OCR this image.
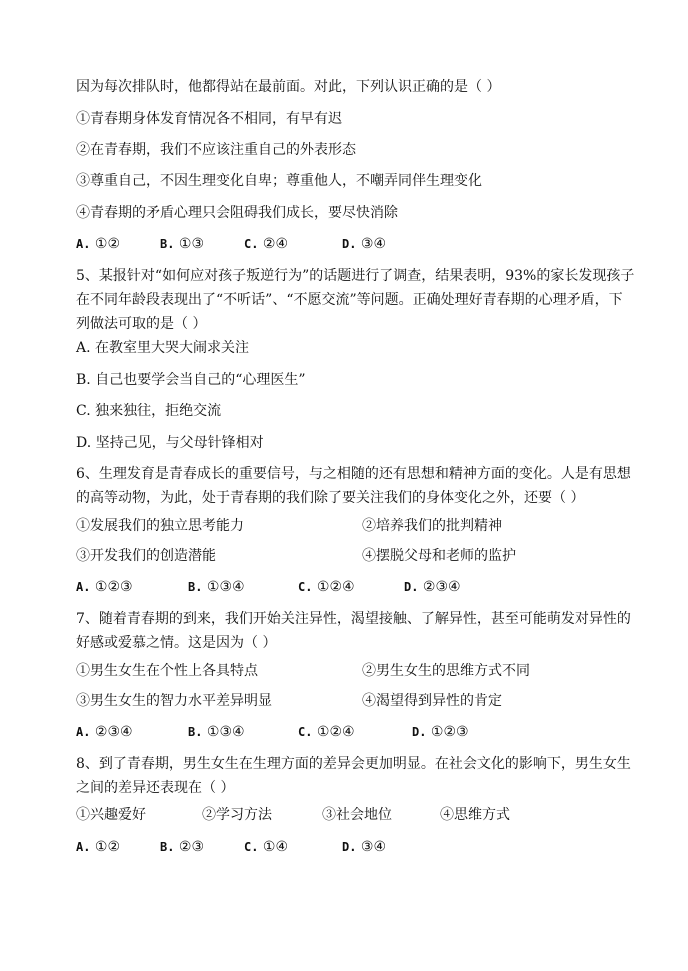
因为每次排队时，他都得站在最前面。对此，下列认识正确的是（ ）
①青春期身体发育情况各不相同，有早有迟
②在青春期，我们不应该注重自己的外表形态
③尊重自己，不因生理变化自卑；尊重他人，不嘲弄同伴生理变化
④青春期的矛盾心理只会阻碍我们成长，要尽快消除
A. ①②	B. ①③	C. ②④	D. ③④
5、某报针对“如何应对孩子叛逆行为”的话题进行了调查，结果表明，93%的家长发现孩子
在不同年龄段表现出了“不听话”、“不愿交流”等问题。正确处理好青春期的心理矛盾，下
列做法可取的是（ ）
A. 在教室里大哭大闹求关注
B. 自己也要学会当自己的“心理医生”
C. 独来独往，拒绝交流
D. 坚持己见，与父母针锋相对
6、生理发育是青春成长的重要信号，与之相随的还有思想和精神方面的变化。人是有思想
的高等动物，为此，处于青春期的我们除了要关注我们的身体变化之外，还要（ ）
①发展我们的独立思考能力	②培养我们的批判精神
③开发我们的创造潜能	④摆脱父母和老师的监护
A. ①②③	B. ①③④	C. ①②④	D. ②③④
7、随着青春期的到来，我们开始关注异性，渴望接触、了解异性，甚至可能萌发对异性的
好感或爱慕之情。这是因为（ ）
①男生女生在个性上各具特点	②男生女生的思维方式不同
③男生女生的智力水平差异明显	④渴望得到异性的肯定
A. ②③④	B. ①③④	C. ①②④	D. ①②③
8、到了青春期，男生女生在生理方面的差异会更加明显。在社会文化的影响下，男生女生
之间的差异还表现在（ ）
①兴趣爱好	②学习方法	③社会地位	④思维方式
A. ①②	B. ②③	C. ①④	D. ③④
